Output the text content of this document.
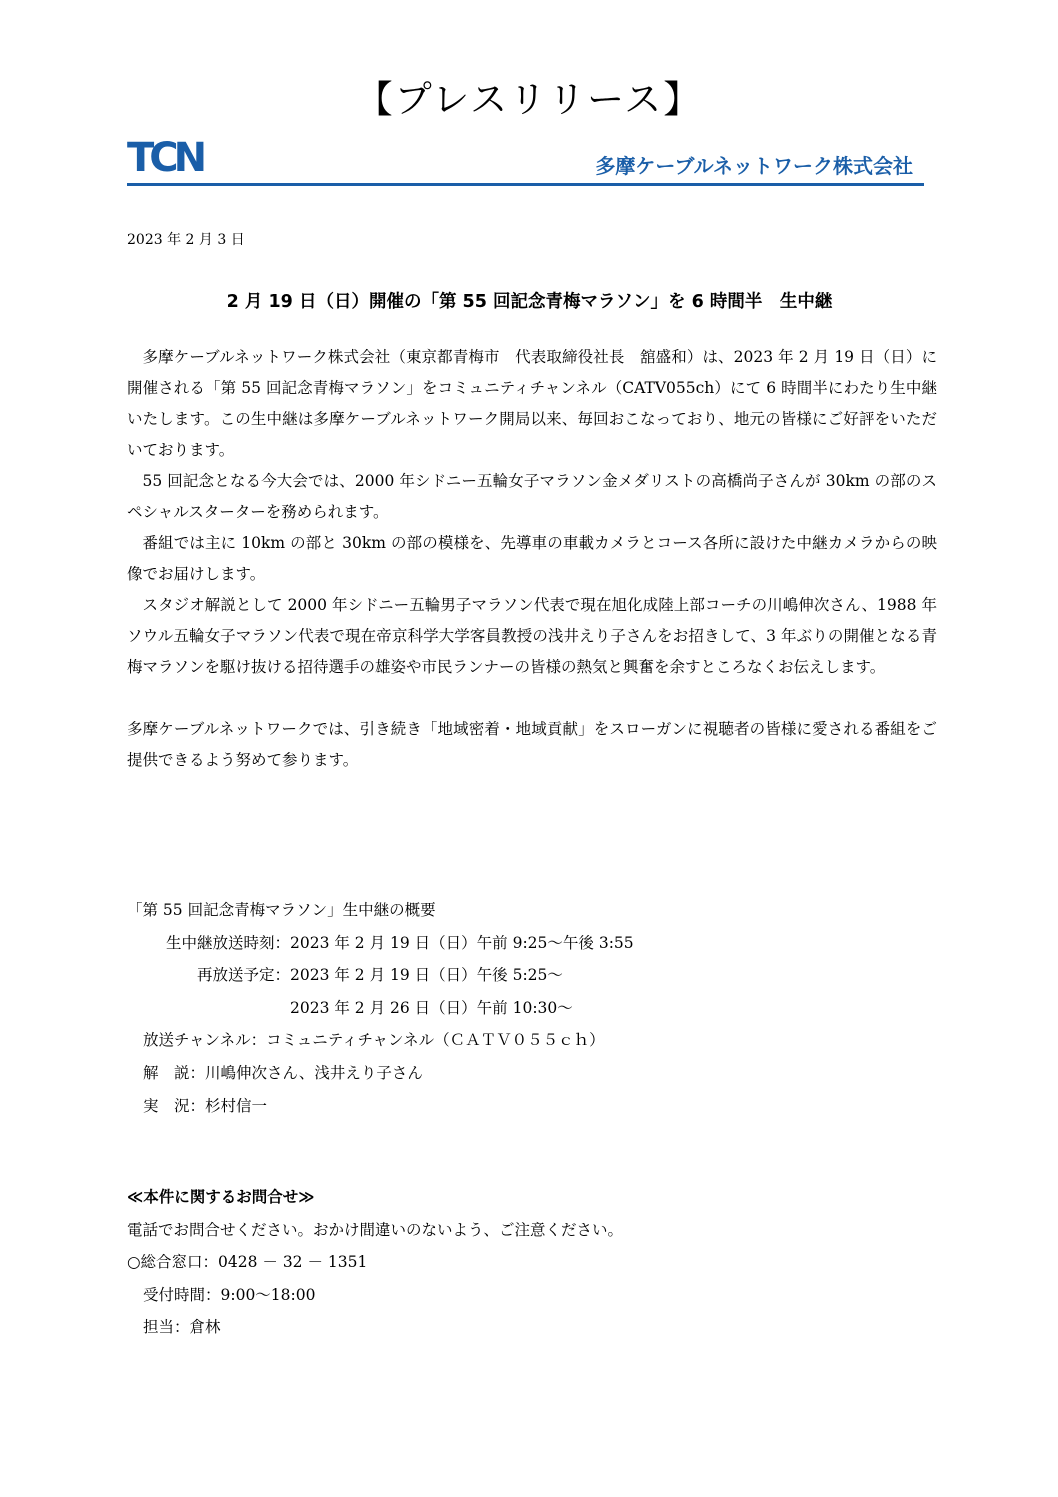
【プレスリリース】
TCN	多摩ケーブルネットワーク株式会社
2023 年 2 月 3 日
2 月 19 日（日）開催の「第 55 回記念青梅マラソン」を 6 時間半　生中継

多摩ケーブルネットワーク株式会社（東京都青梅市　代表取締役社長　舘盛和）は、2023 年 2 月 19 日（日）に開催される「第 55 回記念青梅マラソン」をコミュニティチャンネル（CATV055ch）にて 6 時間半にわたり生中継いたします。この生中継は多摩ケーブルネットワーク開局以来、毎回おこなっており、地元の皆様にご好評をいただいております。

55 回記念となる今大会では、2000 年シドニー五輪女子マラソン金メダリストの高橋尚子さんが 30km の部のスペシャルスターターを務められます。

番組では主に 10km の部と 30km の部の模様を、先導車の車載カメラとコース各所に設けた中継カメラからの映像でお届けします。

スタジオ解説として 2000 年シドニー五輪男子マラソン代表で現在旭化成陸上部コーチの川嶋伸次さん、1988 年ソウル五輪女子マラソン代表で現在帝京科学大学客員教授の浅井えり子さんをお招きして、3 年ぶりの開催となる青梅マラソンを駆け抜ける招待選手の雄姿や市民ランナーの皆様の熱気と興奮を余すところなくお伝えします。

多摩ケーブルネットワークでは、引き続き「地域密着・地域貢献」をスローガンに視聴者の皆様に愛される番組をご提供できるよう努めて参ります。

「第 55 回記念青梅マラソン」生中継の概要
生中継放送時刻： 2023 年 2 月 19 日（日）午前 9:25～午後 3:55
再放送予定： 2023 年 2 月 19 日（日）午後 5:25～
2023 年 2 月 26 日（日）午前 10:30～
放送チャンネル：コミュニティチャンネル（ＣＡＴＶ０５５ｃｈ）
解　説：川嶋伸次さん、浅井えり子さん
実　況：杉村信一
≪本件に関するお問合せ≫
電話でお問合せください。おかけ間違いのないよう、ご注意ください。
○総合窓口：0428 － 32 － 1351
受付時間：9:00～18:00
担当：倉林
